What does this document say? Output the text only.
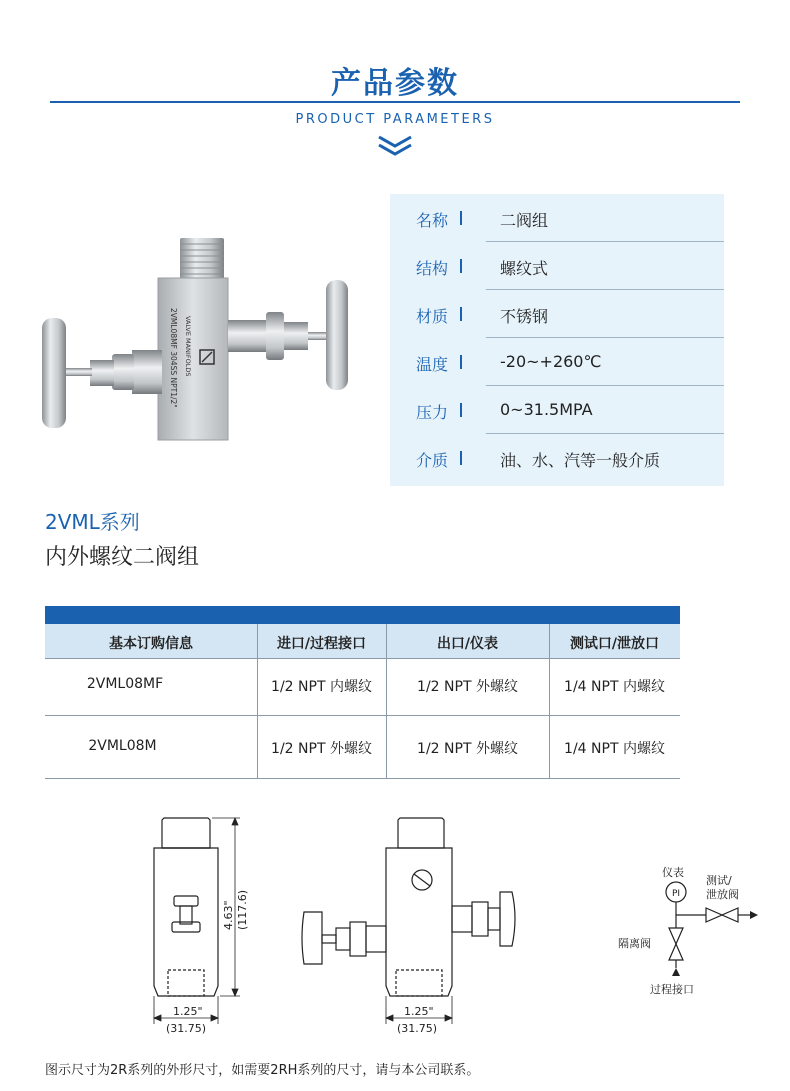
产品参数
PRODUCT PARAMETERS
2VML08MF 304SS NPT1/2" VALVE MANIFOLDS
名称	二阀组
结构	螺纹式
材质	不锈钢
温度	-20~+260℃
压力	0~31.5MPA
介质	油、水、汽等一般介质
2VML系列
内外螺纹二阀组
基本订购信息	进口/过程接口	出口/仪表	测试口/泄放口
2VML08MF	1/2 NPT 内螺纹	1/2 NPT 外螺纹	1/4 NPT 内螺纹
2VML08M	1/2 NPT 外螺纹	1/2 NPT 外螺纹	1/4 NPT 内螺纹
4.63" (117.6)
1.25"
(31.75)
1.25"
(31.75)
PI
仪表
测试/
泄放阀
隔离阀
过程接口
图示尺寸为2R系列的外形尺寸，如需要2RH系列的尺寸，请与本公司联系。
